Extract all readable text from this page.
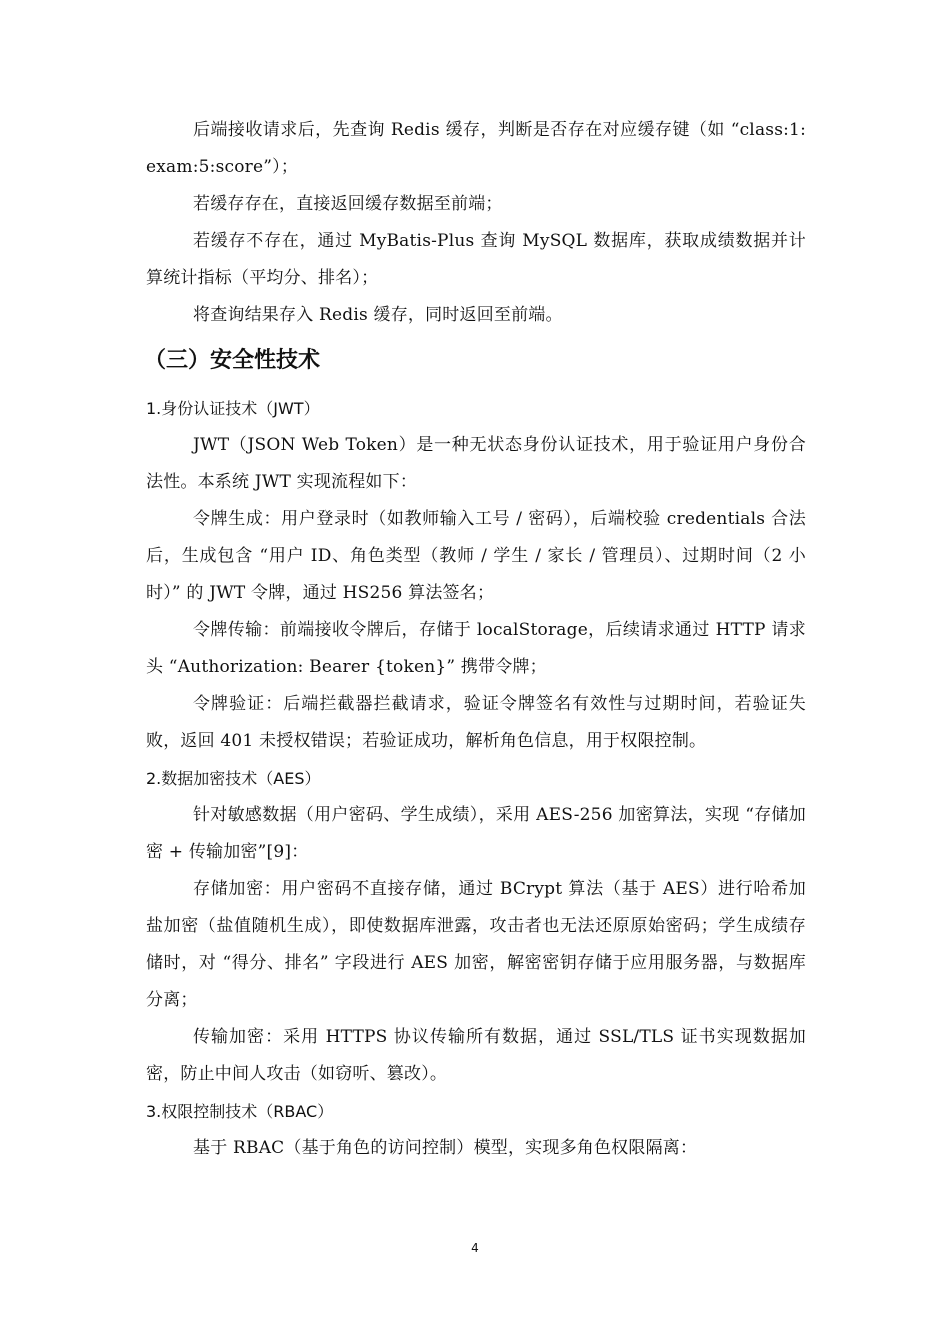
后端接收请求后，先查询 Redis 缓存，判断是否存在对应缓存键（如 “class:1:exam:5:score”）；

若缓存存在，直接返回缓存数据至前端；

若缓存不存在，通过 MyBatis-Plus 查询 MySQL 数据库，获取成绩数据并计算统计指标（平均分、排名）；

将查询结果存入 Redis 缓存，同时返回至前端。

（三）安全性技术
1.身份认证技术（JWT）

JWT（JSON Web Token）是一种无状态身份认证技术，用于验证用户身份合法性。本系统 JWT 实现流程如下：

令牌生成：用户登录时（如教师输入工号 / 密码），后端校验 credentials 合法后，生成包含 “用户 ID、角色类型（教师 / 学生 / 家长 / 管理员）、过期时间（2 小时）” 的 JWT 令牌，通过 HS256 算法签名；

令牌传输：前端接收令牌后，存储于 localStorage，后续请求通过 HTTP 请求头 “Authorization: Bearer {token}” 携带令牌；

令牌验证：后端拦截器拦截请求，验证令牌签名有效性与过期时间，若验证失败，返回 401 未授权错误；若验证成功，解析角色信息，用于权限控制。

2.数据加密技术（AES）

针对敏感数据（用户密码、学生成绩），采用 AES-256 加密算法，实现 “存储加密 + 传输加密”[9]：

存储加密：用户密码不直接存储，通过 BCrypt 算法（基于 AES）进行哈希加盐加密（盐值随机生成），即使数据库泄露，攻击者也无法还原原始密码；学生成绩存储时，对 “得分、排名” 字段进行 AES 加密，解密密钥存储于应用服务器，与数据库分离；

传输加密：采用 HTTPS 协议传输所有数据，通过 SSL/TLS 证书实现数据加密，防止中间人攻击（如窃听、篡改）。

3.权限控制技术（RBAC）

基于 RBAC（基于角色的访问控制）模型，实现多角色权限隔离：

4
